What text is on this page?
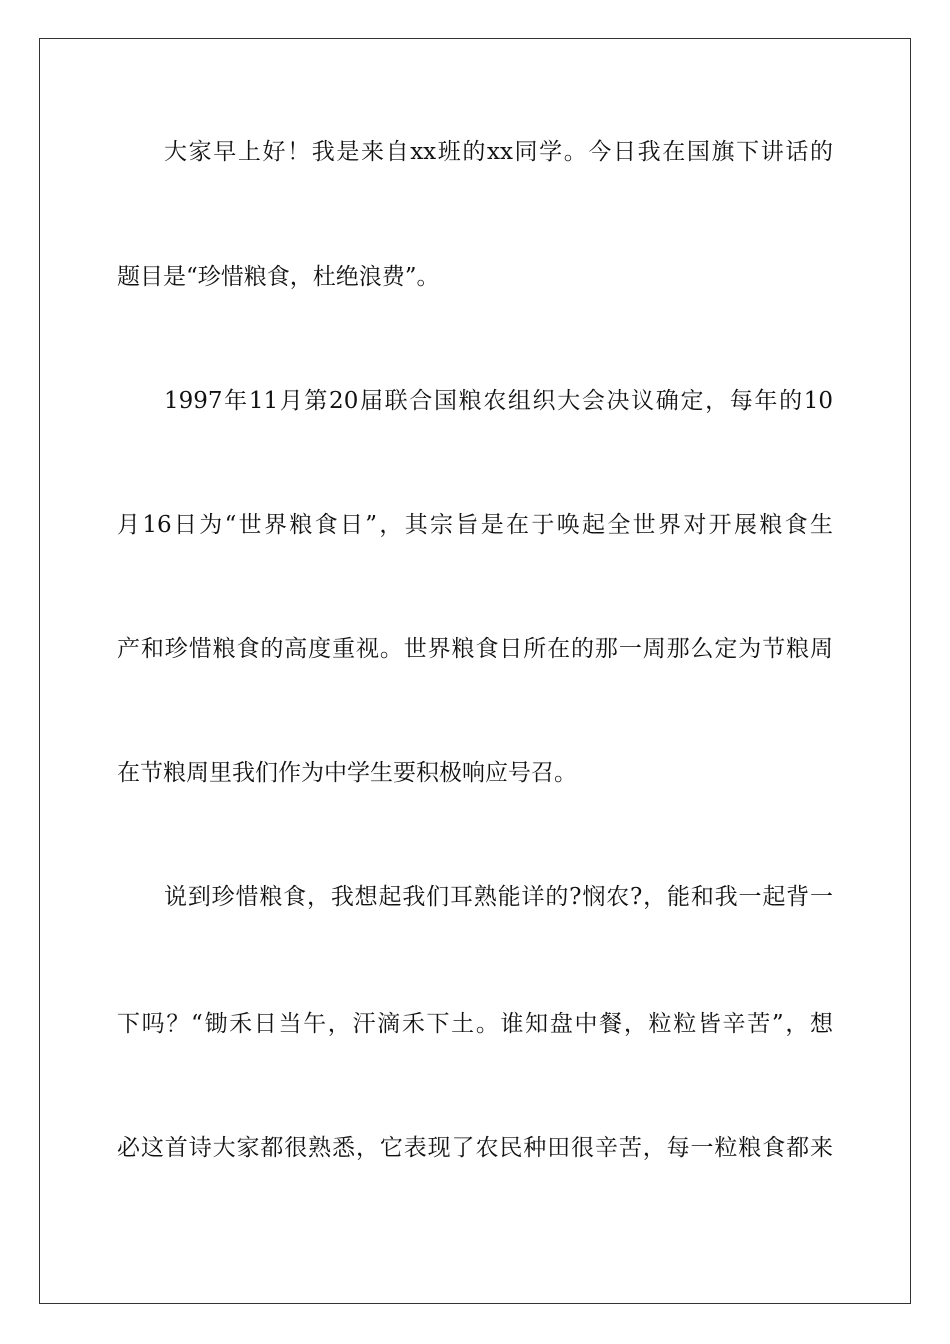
大家早上好！我是来自xx班的xx同学。今日我在国旗下讲话的
题目是“珍惜粮食，杜绝浪费”。
1997年11月第20届联合国粮农组织大会决议确定，每年的10
月16日为“世界粮食日”，其宗旨是在于唤起全世界对开展粮食生
产和珍惜粮食的高度重视。世界粮食日所在的那一周那么定为节粮周
在节粮周里我们作为中学生要积极响应号召。
说到珍惜粮食，我想起我们耳熟能详的?悯农?，能和我一起背一
下吗？“锄禾日当午，汗滴禾下土。谁知盘中餐，粒粒皆辛苦”，想
必这首诗大家都很熟悉，它表现了农民种田很辛苦，每一粒粮食都来
